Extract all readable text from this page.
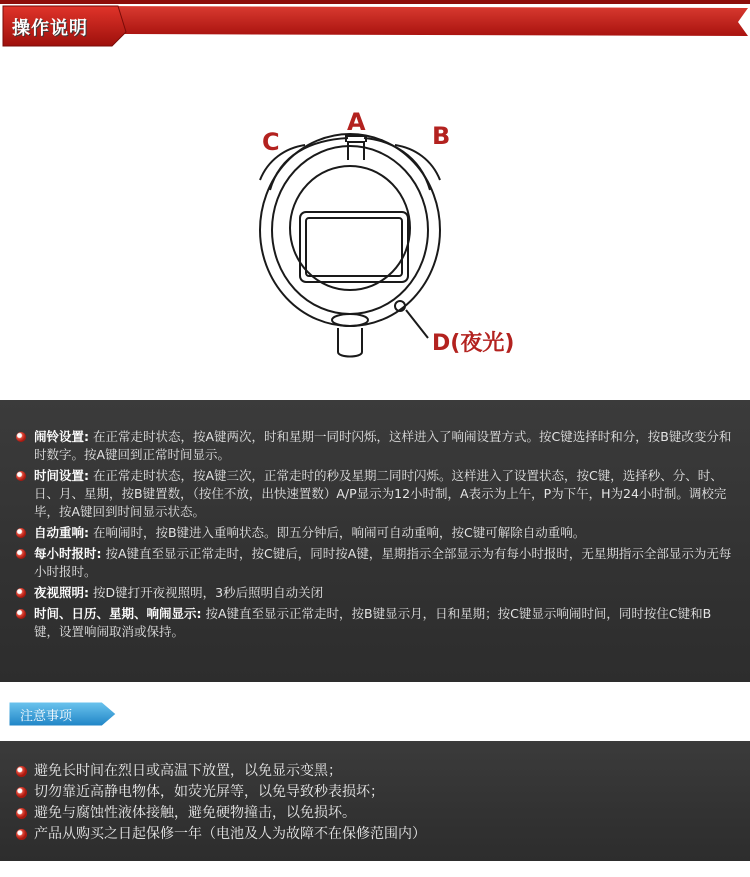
操作说明
C
A	B
D(夜光)
闹铃设置: 在正常走时状态，按A键两次，时和星期一同时闪烁，这样进入了响闹设置方式。按C键选择时和分，按B键改变分和时数字。按A键回到正常时间显示。
时间设置: 在正常走时状态，按A键三次，正常走时的秒及星期二同时闪烁。这样进入了设置状态，按C键，选择秒、分、时、日、月、星期，按B键置数，（按住不放，出快速置数）A/P显示为12小时制，A表示为上午，P为下午，H为24小时制。调校完毕，按A键回到时间显示状态。
自动重响: 在响闹时，按B键进入重响状态。即五分钟后，响闹可自动重响，按C键可解除自动重响。
每小时报时: 按A键直至显示正常走时，按C键后，同时按A键，星期指示全部显示为有每小时报时，无星期指示全部显示为无每小时报时。
夜视照明: 按D键打开夜视照明，3秒后照明自动关闭
时间、日历、星期、响闹显示: 按A键直至显示正常走时，按B键显示月，日和星期；按C键显示响闹时间，同时按住C键和B键，设置响闹取消或保持。
注意事项
避免长时间在烈日或高温下放置，以免显示变黑；
切勿靠近高静电物体，如荧光屏等，以免导致秒表损坏；
避免与腐蚀性液体接触，避免硬物撞击，以免损坏。
产品从购买之日起保修一年（电池及人为故障不在保修范围内）
